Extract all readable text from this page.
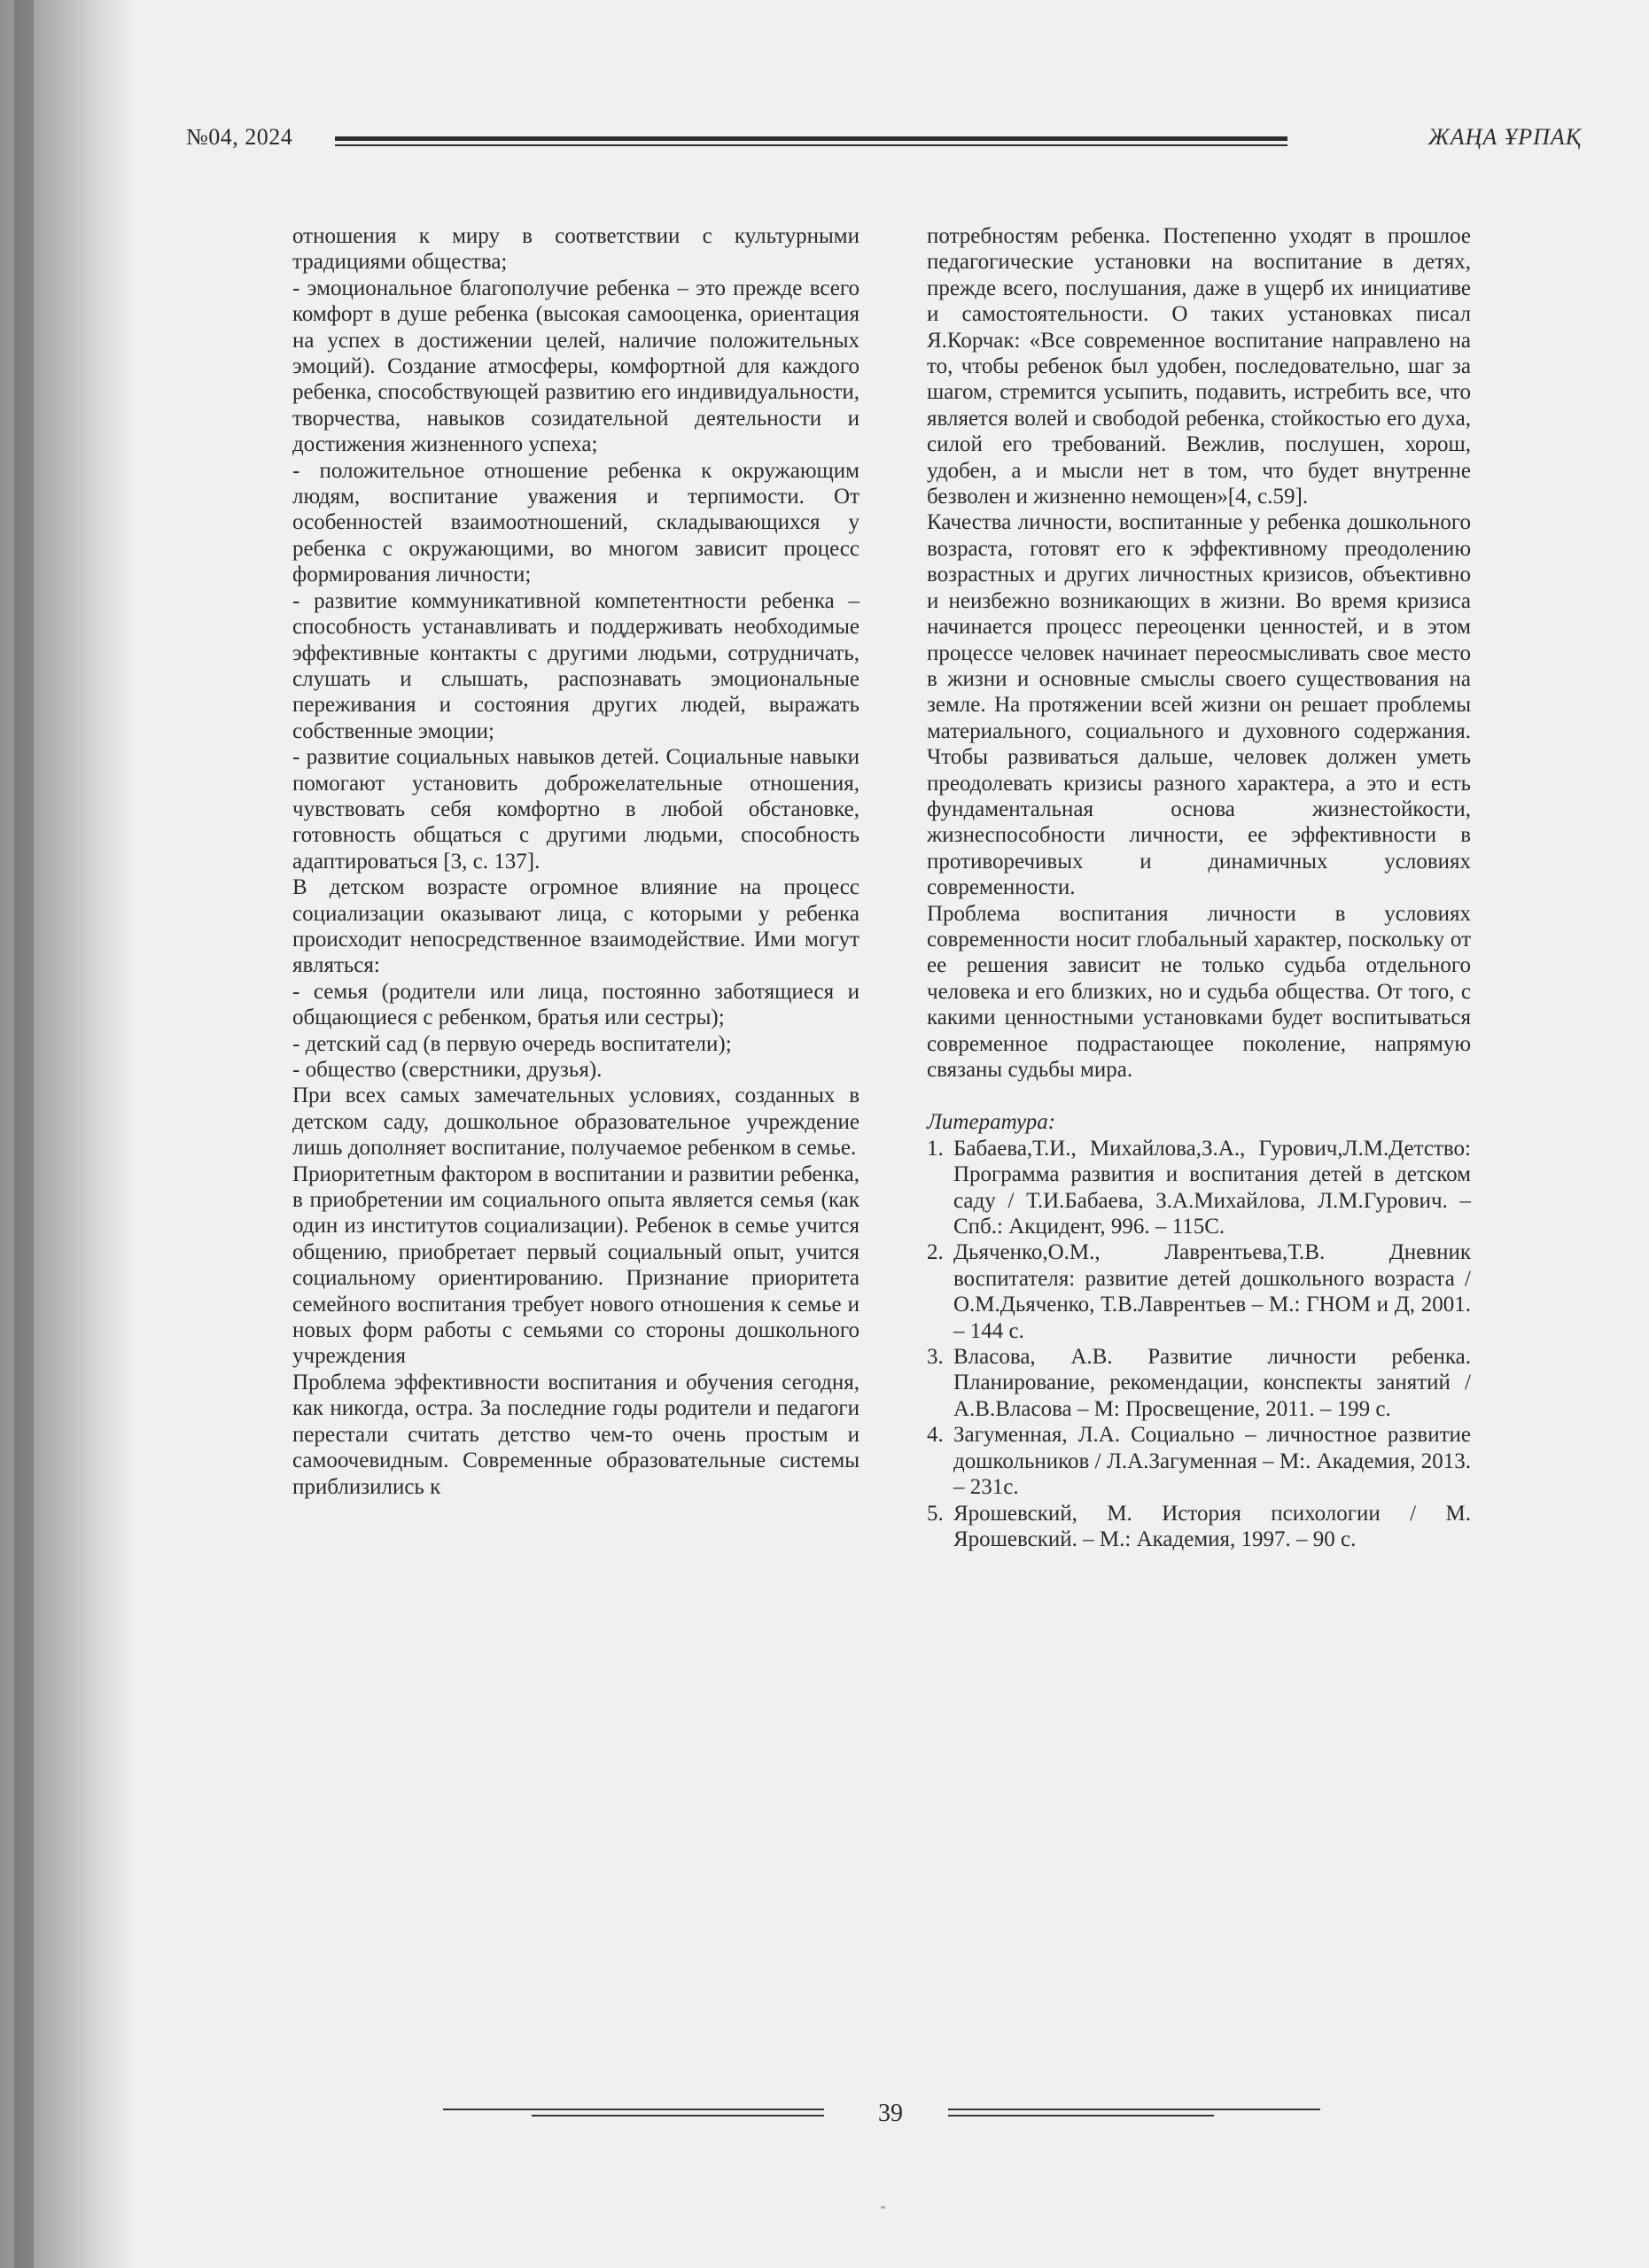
№04, 2024	ЖАҢА ҰРПАҚ

отношения к миру в соответствии с культурными традициями общества;

- эмоциональное благополучие ребенка – это прежде всего комфорт в душе ребенка (высокая самооценка, ориентация на успех в достижении целей, наличие положительных эмоций). Создание атмосферы, комфортной для каждого ребенка, способствующей развитию его индивидуальности, творчества, навыков созидательной деятельности и достижения жизненного успеха;

- положительное отношение ребенка к окружающим людям, воспитание уважения и терпимости. От особенностей взаимоотношений, складывающихся у ребенка с окружающими, во многом зависит процесс формирования личности;

- развитие коммуникативной компетентности ребенка – способность устанавливать и поддерживать необходимые эффективные контакты с другими людьми, сотрудничать, слушать и слышать, распознавать эмоциональные переживания и состояния других людей, выражать собственные эмоции;

- развитие социальных навыков детей. Социальные навыки помогают установить доброжелательные отношения, чувствовать себя комфортно в любой обстановке, готовность общаться с другими людьми, способность адаптироваться [3, с. 137].

В детском возрасте огромное влияние на процесс социализации оказывают лица, с которыми у ребенка происходит непосредственное взаимодействие. Ими могут являться:

- семья (родители или лица, постоянно заботящиеся и общающиеся с ребенком, братья или сестры);

- детский сад (в первую очередь воспитатели);

- общество (сверстники, друзья).

При всех самых замечательных условиях, созданных в детском саду, дошкольное образовательное учреждение лишь дополняет воспитание, получаемое ребенком в семье.

Приоритетным фактором в воспитании и развитии ребенка, в приобретении им социального опыта является семья (как один из институтов социализации). Ребенок в семье учится общению, приобретает первый социальный опыт, учится социальному ориентированию. Признание приоритета семейного воспитания требует нового отношения к семье и новых форм работы с семьями со стороны дошкольного учреждения

Проблема эффективности воспитания и обучения сегодня, как никогда, остра. За последние годы родители и педагоги перестали считать детство чем-то очень простым и самоочевидным. Современные образовательные системы приблизились к

потребностям ребенка. Постепенно уходят в прошлое педагогические установки на воспитание в детях, прежде всего, послушания, даже в ущерб их инициативе и самостоятельности. О таких установках писал Я.Корчак: «Все современное воспитание направлено на то, чтобы ребенок был удобен, последовательно, шаг за шагом, стремится усыпить, подавить, истребить все, что является волей и свободой ребенка, стойкостью его духа, силой его требований. Вежлив, послушен, хорош, удобен, а и мысли нет в том, что будет внутренне безволен и жизненно немощен»[4, с.59].

Качества личности, воспитанные у ребенка дошкольного возраста, готовят его к эффективному преодолению возрастных и других личностных кризисов, объективно и неизбежно возникающих в жизни. Во время кризиса начинается процесс переоценки ценностей, и в этом процессе человек начинает переосмысливать свое место в жизни и основные смыслы своего существования на земле. На протяжении всей жизни он решает проблемы материального, социального и духовного содержания. Чтобы развиваться дальше, человек должен уметь преодолевать кризисы разного характера, а это и есть фундаментальная основа жизнестойкости, жизнеспособности личности, ее эффективности в противоречивых и динамичных условиях современности.

Проблема воспитания личности в условиях современности носит глобальный характер, поскольку от ее решения зависит не только судьба отдельного человека и его близких, но и судьба общества. От того, с какими ценностными установками будет воспитываться современное подрастающее поколение, напрямую связаны судьбы мира.

Литература:

1. Бабаева,Т.И., Михайлова,З.А., Гурович,Л.М.Детство: Программа развития и воспитания детей в детском саду / Т.И.Бабаева, З.А.Михайлова, Л.М.Гурович. – Спб.: Акцидент, 996. – 115С.

2. Дьяченко,О.М., Лаврентьева,Т.В. Дневник воспитателя: развитие детей дошкольного возраста / О.М.Дьяченко, Т.В.Лаврентьев – М.: ГНОМ и Д, 2001. – 144 с.

3. Власова, А.В. Развитие личности ребенка. Планирование, рекомендации, конспекты занятий / А.В.Власова – М: Просвещение, 2011. – 199 с.

4. Загуменная, Л.А. Социально – личностное развитие дошкольников / Л.А.Загуменная – М:. Академия, 2013. – 231с.

5. Ярошевский, М. История психологии / М. Ярошевский. – М.: Академия, 1997. – 90 с.

39
